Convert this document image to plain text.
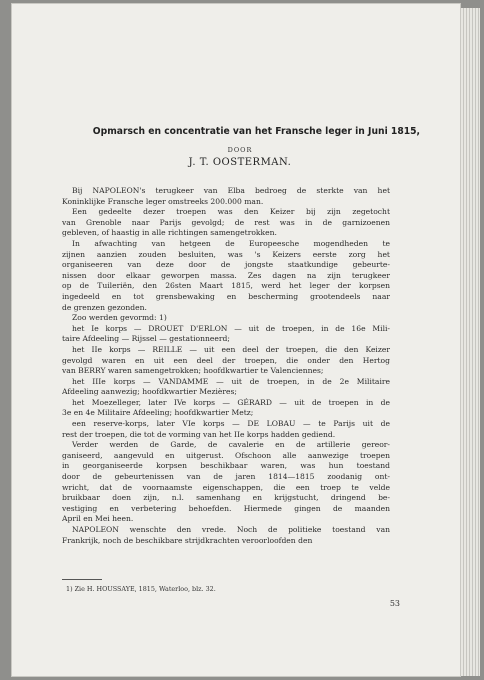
Opmarsch en concentratie van het Fransche leger in Juni 1815,
DOOR
J. T. OOSTERMAN.
Bij NAPOLEON's terugkeer van Elba bedroeg de sterkte van het
Koninklijke Fransche leger omstreeks 200.000 man.
Een gedeelte dezer troepen was den Keizer bij zijn zegetocht
van Grenoble naar Parijs gevolgd; de rest was in de garnizoenen
gebleven, of haastig in alle richtingen samengetrokken.
In afwachting van hetgeen de Europeesche mogendheden te
zijnen aanzien zouden besluiten, was 's Keizers eerste zorg het
organiseeren van deze door de jongste staatkundige gebeurte-
nissen door elkaar geworpen massa. Zes dagen na zijn terugkeer
op de Tuileriën, den 26sten Maart 1815, werd het leger der korpsen
ingedeeld en tot grensbewaking en bescherming grootendeels naar
de grenzen gezonden.
Zoo werden gevormd: 1)
het Ie korps — DROUET D'ERLON — uit de troepen, in de 16e Mili-
taire Afdeeling — Rijssel — gestationneerd;
het IIe korps — REILLE — uit een deel der troepen, die den Keizer
gevolgd waren en uit een deel der troepen, die onder den Hertog
van BERRY waren samengetrokken; hoofdkwartier te Valenciennes;
het IIIe korps — VANDAMME — uit de troepen, in de 2e Militaire
Afdeeling aanwezig; hoofdkwartier Mezières;
het Moezelleger, later IVe korps — GÉRARD — uit de troepen in de
3e en 4e Militaire Afdeeling; hoofdkwartier Metz;
een reserve-korps, later VIe korps — DE LOBAU — te Parijs uit de
rest der troepen, die tot de vorming van het IIe korps hadden gediend.
Verder werden de Garde, de cavalerie en de artillerie gereor-
ganiseerd, aangevuld en uitgerust. Ofschoon alle aanwezige troepen
in georganiseerde korpsen beschikbaar waren, was hun toestand
door de gebeurtenissen van de jaren 1814—1815 zoodanig ont-
wricht, dat de voornaamste eigenschappen, die een troep te velde
bruikbaar doen zijn, n.l. samenhang en krijgstucht, dringend be-
vestiging en verbetering behoefden. Hiermede gingen de maanden
April en Mei heen.
NAPOLEON wenschte den vrede. Noch de politieke toestand van
Frankrijk, noch de beschikbare strijdkrachten veroorloofden den
1) Zie H. HOUSSAYE, 1815, Waterloo, blz. 32.
53
